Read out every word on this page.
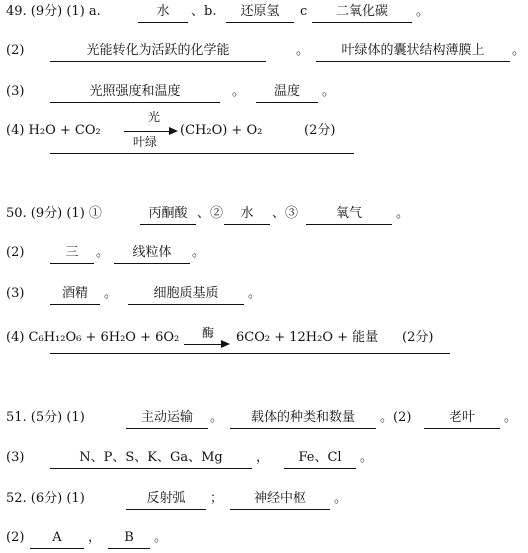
49. (9分) (1) a.	水	、b.	还原氢	c	二氧化碳	。
(2)	光能转化为活跃的化学能	。	叶绿体的囊状结构薄膜上	。
(3)	光照强度和温度	。	温度	。
(4) H₂O + CO₂
光
叶绿
(CH₂O) + O₂	(2分)
50. (9分) (1) ①	丙酮酸 、②	水	、③	氧气	。
(2)	三	。	线粒体	。
(3)	酒精	。	细胞质基质	。
(4) C₆H₁₂O₆ + 6H₂O + 6O₂ 酶 6CO₂ + 12H₂O + 能量 (2分)
51. (5分) (1)	主动运输	。	载体的种类和数量	。(2)	老叶	。
(3)	N、P、S、K、Ga、Mg	，	Fe、Cl	。
52. (6分) (1)	反射弧	；	神经中枢	。
(2)	A	，	B	。
